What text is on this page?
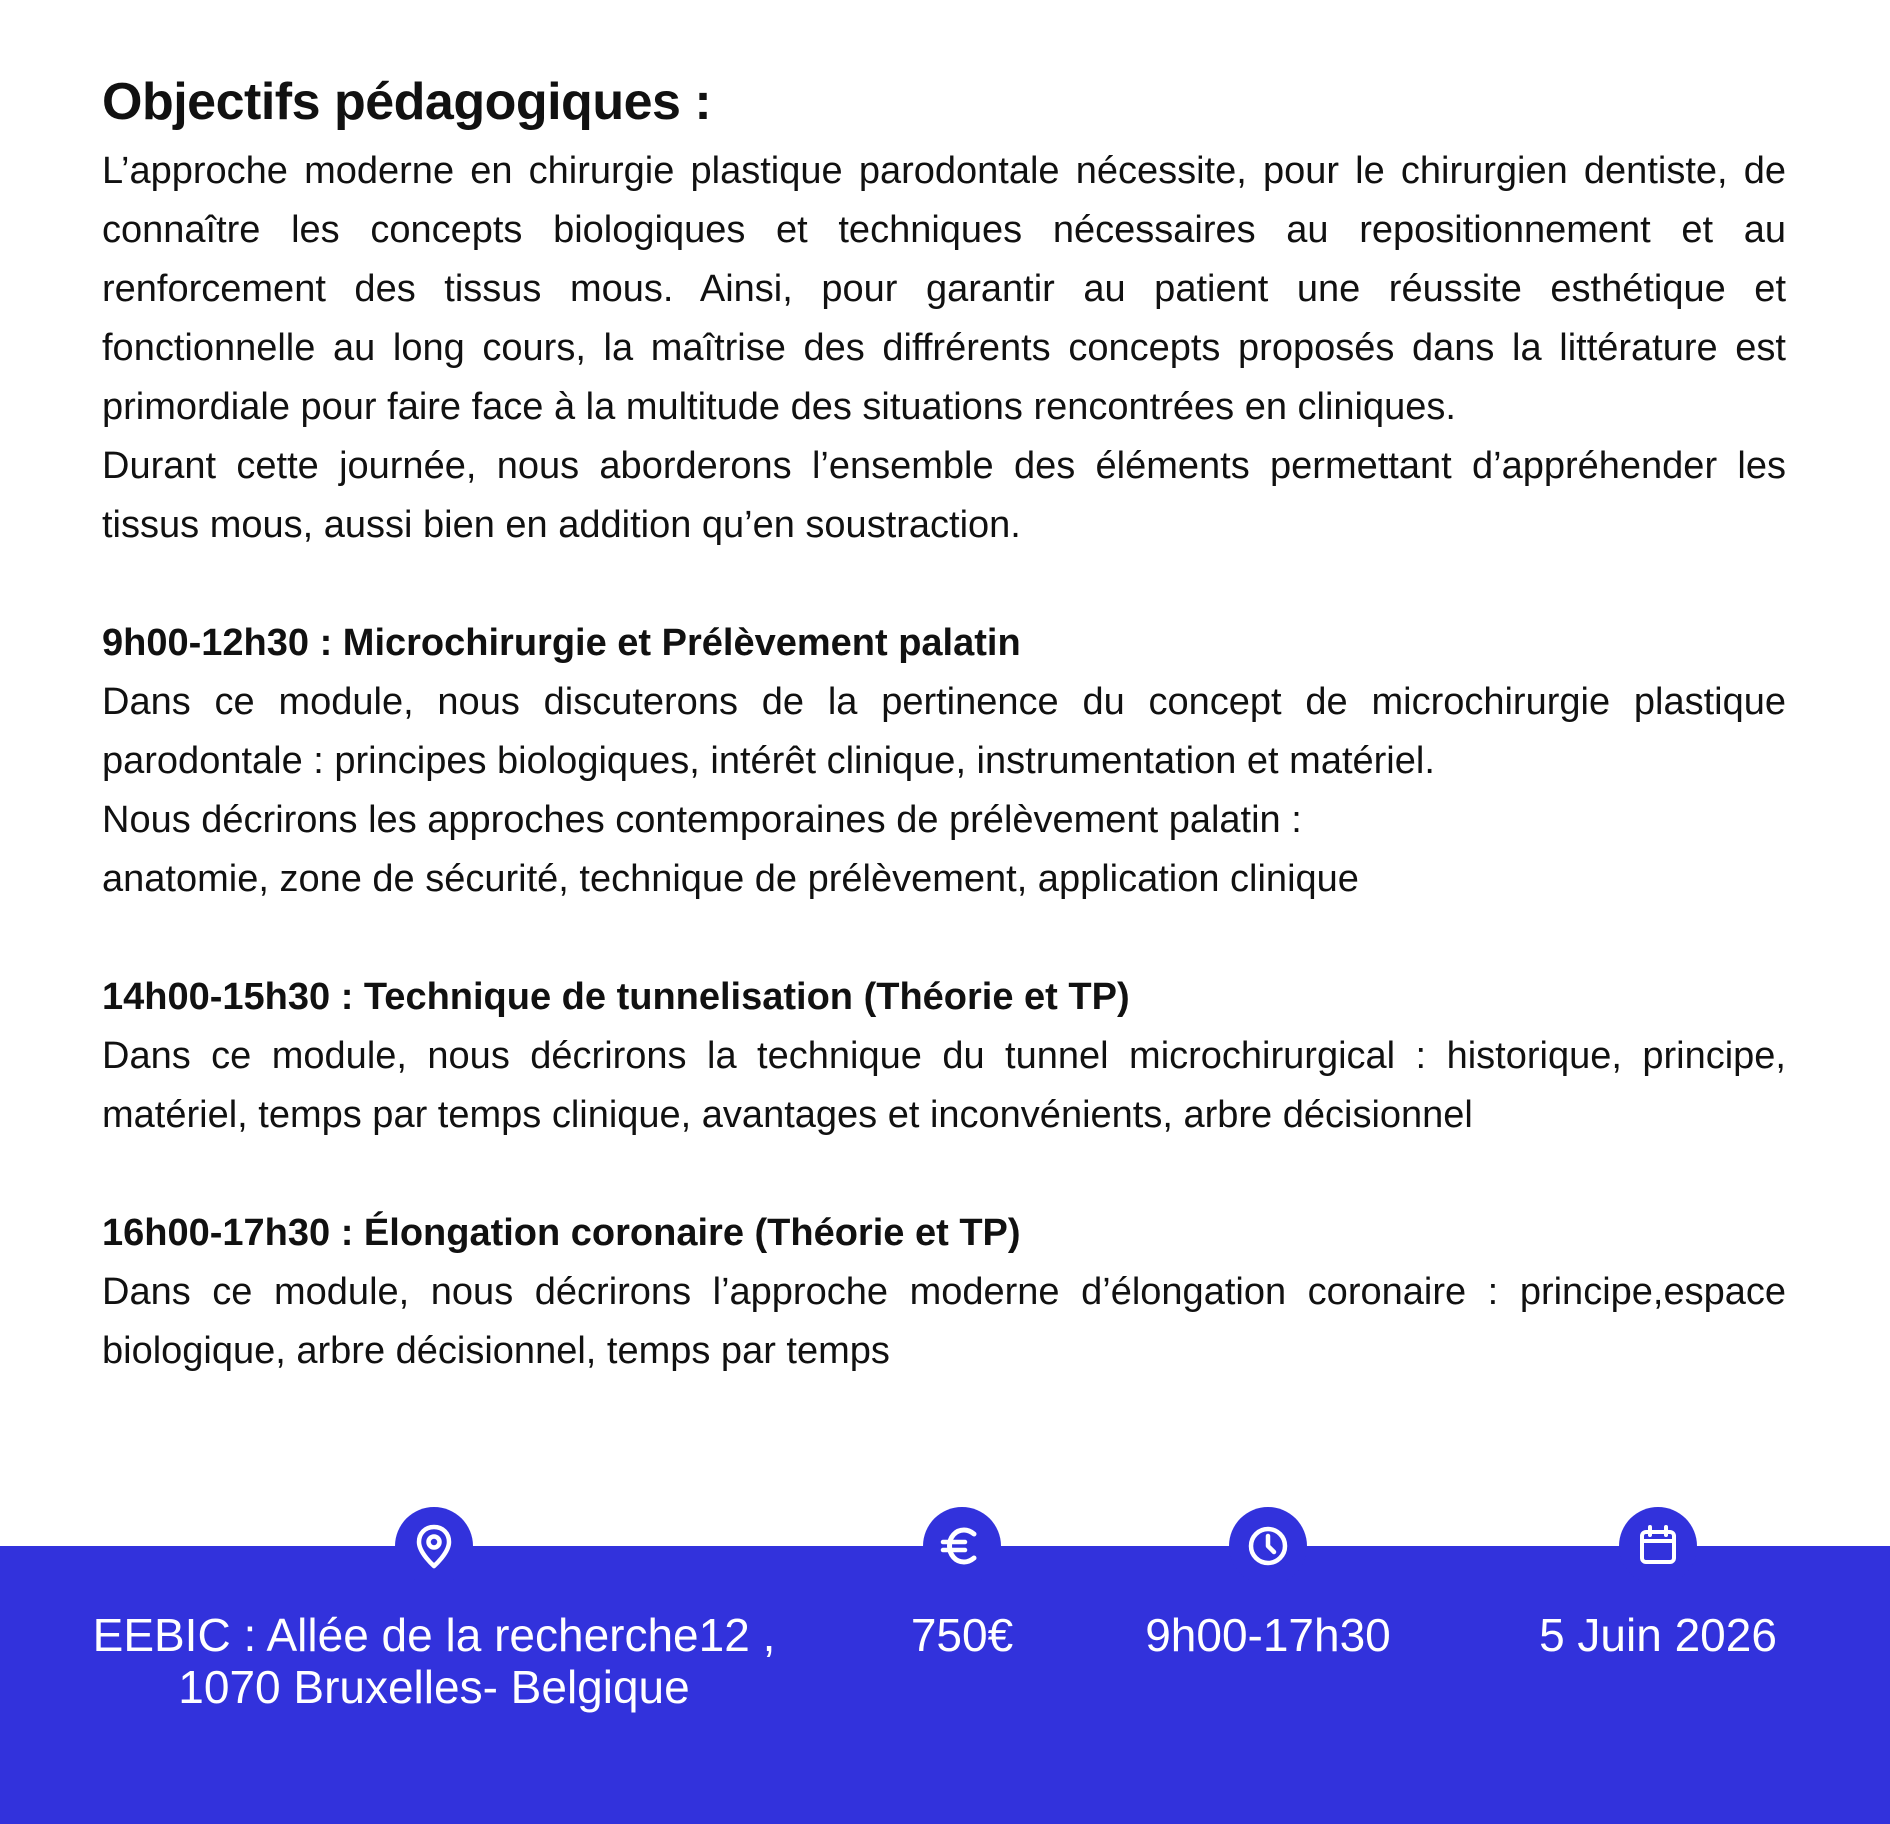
Objectifs pédagogiques :

L’approche moderne en chirurgie plastique parodontale nécessite, pour le chirurgien dentiste, de connaître les concepts biologiques et techniques nécessaires au repositionnement et au renforcement des tissus mous. Ainsi, pour garantir au patient une réussite esthétique et fonctionnelle au long cours, la maîtrise des diffrérents concepts proposés dans la littérature est primordiale pour faire face à la multitude des situations rencontrées en cliniques.

Durant cette journée, nous aborderons l’ensemble des éléments permettant d’appréhender les tissus mous, aussi bien en addition qu’en soustraction.

9h00-12h30 : Microchirurgie et Prélèvement palatin

Dans ce module, nous discuterons de la pertinence du concept de microchirurgie plastique parodontale : principes biologiques, intérêt clinique, instrumentation et matériel.

Nous décrirons les approches contemporaines de prélèvement palatin :

anatomie, zone de sécurité, technique de prélèvement, application clinique

14h00-15h30 : Technique de tunnelisation (Théorie et TP)

Dans ce module, nous décrirons la technique du tunnel microchirurgical : historique, principe, matériel, temps par temps clinique, avantages et inconvénients, arbre décisionnel

16h00-17h30 : Élongation coronaire (Théorie et TP)

Dans ce module, nous décrirons l’approche moderne d’élongation coronaire : principe,espace biologique, arbre décisionnel, temps par temps

EEBIC : Allée de la recherche12 ,
1070 Bruxelles- Belgique
750€	9h00-17h30	5 Juin 2026
